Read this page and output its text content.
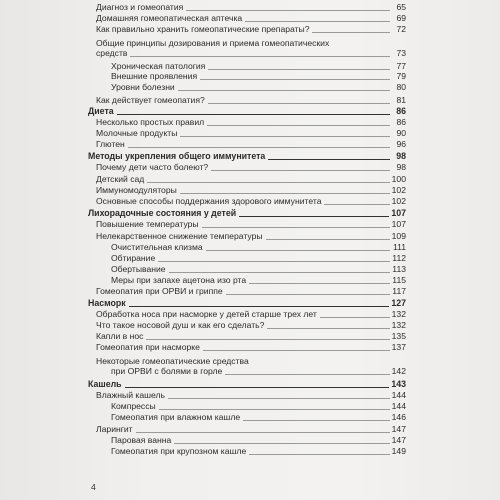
Диагноз и гомеопатия	65
Домашняя гомеопатическая аптечка	69
Как правильно хранить гомеопатические препараты?	72
Общие принципы дозирования и приема гомеопатических
средств	73
Хроническая патология	77
Внешние проявления	79
Уровни болезни	80
Как действует гомеопатия?	81
Диета	86
Несколько простых правил	86
Молочные продукты	90
Глютен	96
Методы укрепления общего иммунитета	98
Почему дети часто болеют?	98
Детский сад	100
Иммуномодуляторы	102
Основные способы поддержания здорового иммунитета	102
Лихорадочные состояния у детей	107
Повышение температуры	107
Нелекарственное снижение температуры	109
Очистительная клизма	111
Обтирание	112
Обертывание	113
Меры при запахе ацетона изо рта	115
Гомеопатия при ОРВИ и гриппе	117
Насморк	127
Обработка носа при насморке у детей старше трех лет	132
Что такое носовой душ и как его сделать?	132
Капли в нос	135
Гомеопатия при насморке	137
Некоторые гомеопатические средства
при ОРВИ с болями в горле	142
Кашель	143
Влажный кашель	144
Компрессы	144
Гомеопатия при влажном кашле	146
Ларингит	147
Паровая ванна	147
Гомеопатия при крупозном кашле	149
4
